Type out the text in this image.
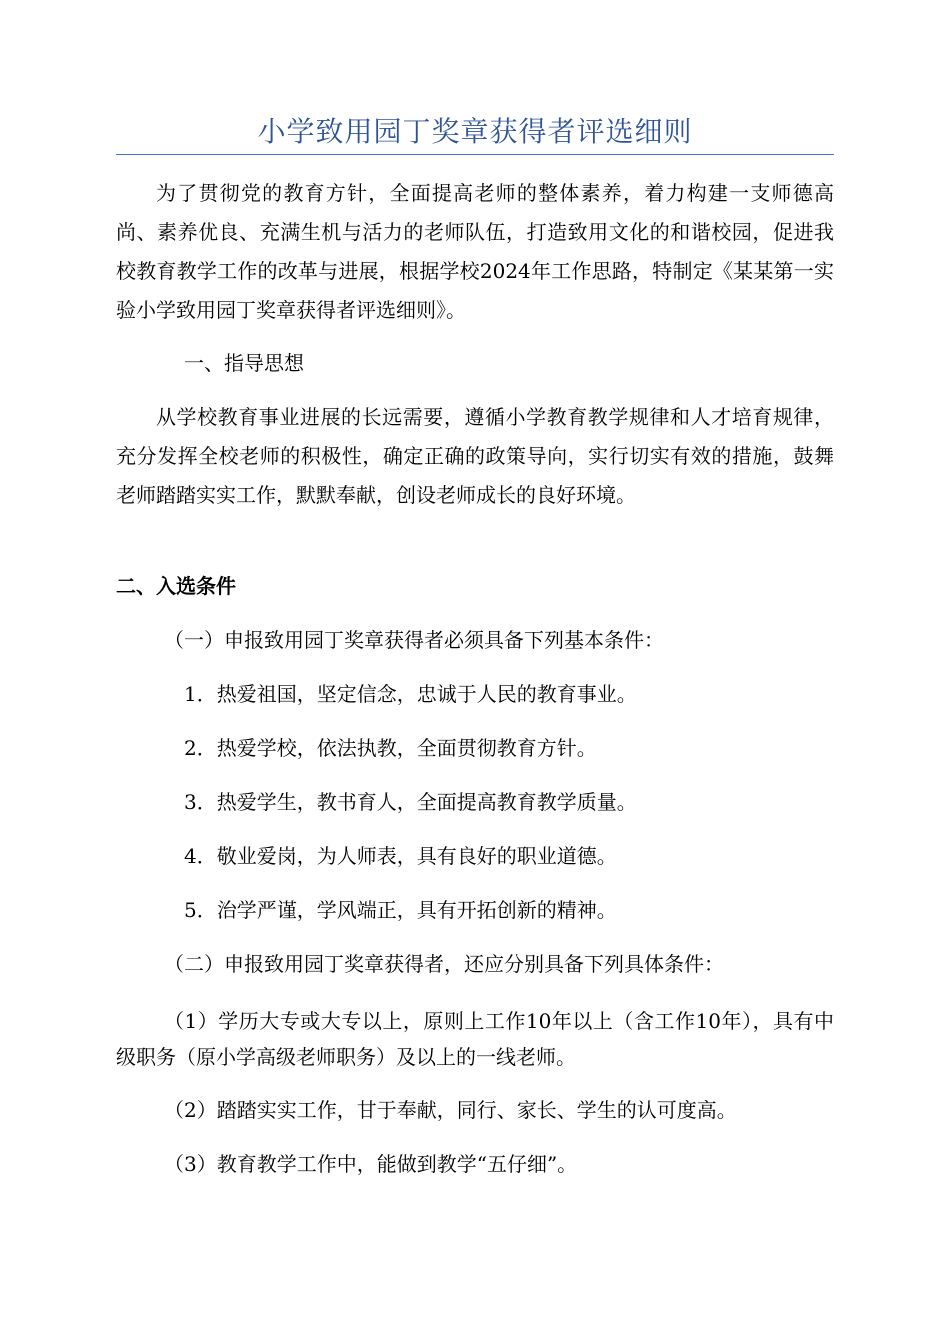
小学致用园丁奖章获得者评选细则

为了贯彻党的教育方针，全面提高老师的整体素养，着力构建一支师德高尚、素养优良、充满生机与活力的老师队伍，打造致用文化的和谐校园，促进我校教育教学工作的改革与进展，根据学校2024年工作思路，特制定《某某第一实验小学致用园丁奖章获得者评选细则》。

一、指导思想

从学校教育事业进展的长远需要，遵循小学教育教学规律和人才培育规律，充分发挥全校老师的积极性，确定正确的政策导向，实行切实有效的措施，鼓舞老师踏踏实实工作，默默奉献，创设老师成长的良好环境。

二、入选条件

（一）申报致用园丁奖章获得者必须具备下列基本条件：

1．热爱祖国，坚定信念，忠诚于人民的教育事业。

2．热爱学校，依法执教，全面贯彻教育方针。

3．热爱学生，教书育人，全面提高教育教学质量。

4．敬业爱岗，为人师表，具有良好的职业道德。

5．治学严谨，学风端正，具有开拓创新的精神。

（二）申报致用园丁奖章获得者，还应分别具备下列具体条件：

（1）学历大专或大专以上，原则上工作10年以上（含工作10年），具有中级职务（原小学高级老师职务）及以上的一线老师。

（2）踏踏实实工作，甘于奉献，同行、家长、学生的认可度高。

（3）教育教学工作中，能做到教学“五仔细”。
